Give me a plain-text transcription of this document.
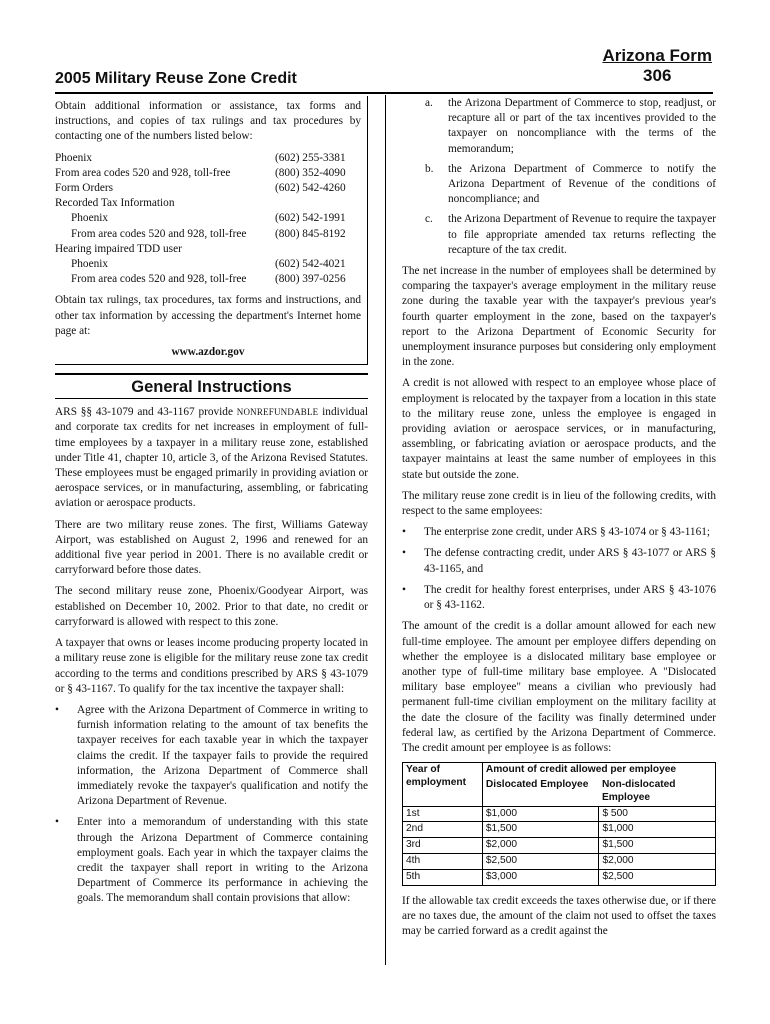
Arizona Form
306
2005 Military Reuse Zone Credit

Obtain additional information or assistance, tax forms and instructions, and copies of tax rulings and tax procedures by contacting one of the numbers listed below:

Phoenix	(602) 255-3381
From area codes 520 and 928, toll-free	(800) 352-4090
Form Orders	(602) 542-4260
Recorded Tax Information
Phoenix	(602) 542-1991
From area codes 520 and 928, toll-free	(800) 845-8192
Hearing impaired TDD user
Phoenix	(602) 542-4021
From area codes 520 and 928, toll-free	(800) 397-0256

Obtain tax rulings, tax procedures, tax forms and instructions, and other tax information by accessing the department's Internet home page at:

www.azdor.gov
General Instructions

ARS §§ 43-1079 and 43-1167 provide NONREFUNDABLE individual and corporate tax credits for net increases in employment of full-time employees by a taxpayer in a military reuse zone, established under Title 41, chapter 10, article 3, of the Arizona Revised Statutes. These employees must be engaged primarily in providing aviation or aerospace services, or in manufacturing, assembling, or fabricating aviation or aerospace products.

There are two military reuse zones. The first, Williams Gateway Airport, was established on August 2, 1996 and renewed for an additional five year period in 2001. There is no available credit or carryforward before those dates.

The second military reuse zone, Phoenix/Goodyear Airport, was established on December 10, 2002. Prior to that date, no credit or carryforward is allowed with respect to this zone.

A taxpayer that owns or leases income producing property located in a military reuse zone is eligible for the military reuse zone tax credit according to the terms and conditions prescribed by ARS § 43-1079 or § 43-1167. To qualify for the tax incentive the taxpayer shall:

• Agree with the Arizona Department of Commerce in writing to furnish information relating to the amount of tax benefits the taxpayer receives for each taxable year in which the taxpayer claims the credit. If the taxpayer fails to provide the required information, the Arizona Department of Commerce shall immediately revoke the taxpayer's qualification and notify the Arizona Department of Revenue.
• Enter into a memorandum of understanding with this state through the Arizona Department of Commerce containing employment goals. Each year in which the taxpayer claims the credit the taxpayer shall report in writing to the Arizona Department of Commerce its performance in achieving the goals. The memorandum shall contain provisions that allow:
a. the Arizona Department of Commerce to stop, readjust, or recapture all or part of the tax incentives provided to the taxpayer on noncompliance with the terms of the memorandum;
b. the Arizona Department of Commerce to notify the Arizona Department of Revenue of the conditions of noncompliance; and
c. the Arizona Department of Revenue to require the taxpayer to file appropriate amended tax returns reflecting the recapture of the tax credit.

The net increase in the number of employees shall be determined by comparing the taxpayer's average employment in the military reuse zone during the taxable year with the taxpayer's previous year's fourth quarter employment in the zone, based on the taxpayer's report to the Arizona Department of Economic Security for unemployment insurance purposes but considering only employment in the zone.

A credit is not allowed with respect to an employee whose place of employment is relocated by the taxpayer from a location in this state to the military reuse zone, unless the employee is engaged in providing aviation or aerospace services, or in manufacturing, assembling, or fabricating aviation or aerospace products, and the taxpayer maintains at least the same number of employees in this state but outside the zone.

The military reuse zone credit is in lieu of the following credits, with respect to the same employees:

• The enterprise zone credit, under ARS § 43-1074 or § 43-1161;
• The defense contracting credit, under ARS § 43-1077 or ARS § 43-1165, and
• The credit for healthy forest enterprises, under ARS § 43-1076 or § 43-1162.

The amount of the credit is a dollar amount allowed for each new full-time employee. The amount per employee differs depending on whether the employee is a dislocated military base employee or another type of full-time military base employee. A "Dislocated military base employee" means a civilian who previously had permanent full-time civilian employment on the military facility at the date the closure of the facility was finally determined under federal law, as certified by the Arizona Department of Commerce. The credit amount per employee is as follows:

Year of employment	Amount of credit allowed per employee	
	Dislocated Employee	Non-dislocated Employee
1st	$1,000	$ 500
2nd	$1,500	$1,000
3rd	$2,000	$1,500
4th	$2,500	$2,000
5th	$3,000	$2,500

If the allowable tax credit exceeds the taxes otherwise due, or if there are no taxes due, the amount of the claim not used to offset the taxes may be carried forward as a credit against the
